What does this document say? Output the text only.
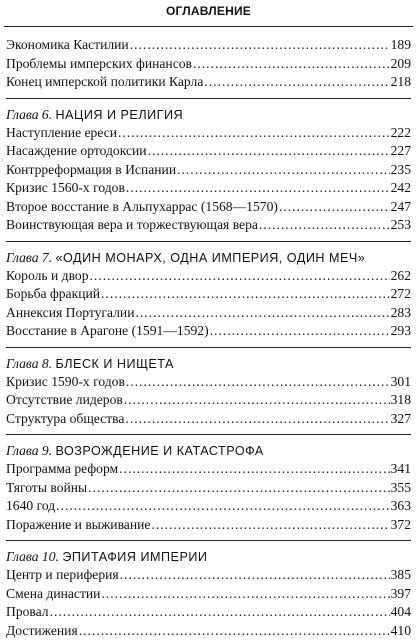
ОГЛАВЛЕНИЕ
Экономика Кастилии .....	189
Проблемы имперских финансов .....	209
Конец имперской политики Карла .....	218
Глава 6. НАЦИЯ И РЕЛИГИЯ
Наступление ереси .....	222
Насаждение ортодоксии .....	227
Контрреформация в Испании .....	235
Кризис 1560-х годов .....	242
Второе восстание в Альпухаррас (1568—1570) .....	247
Воинствующая вера и торжествующая вера .....	253
Глава 7. «ОДИН МОНАРХ, ОДНА ИМПЕРИЯ, ОДИН МЕЧ»
Король и двор .....	262
Борьба фракций .....	272
Аннексия Португалии .....	283
Восстание в Арагоне (1591—1592) .....	293
Глава 8. БЛЕСК И НИЩЕТА
Кризис 1590-х годов .....	301
Отсутствие лидеров .....	318
Структура общества .....	327
Глава 9. ВОЗРОЖДЕНИЕ И КАТАСТРОФА
Программа реформ .....	341
Тяготы войны .....	355
1640 год .....	363
Поражение и выживание .....	372
Глава 10. ЭПИТАФИЯ ИМПЕРИИ
Центр и периферия .....	385
Смена династии .....	397
Провал .....	404
Достижения .....	410
